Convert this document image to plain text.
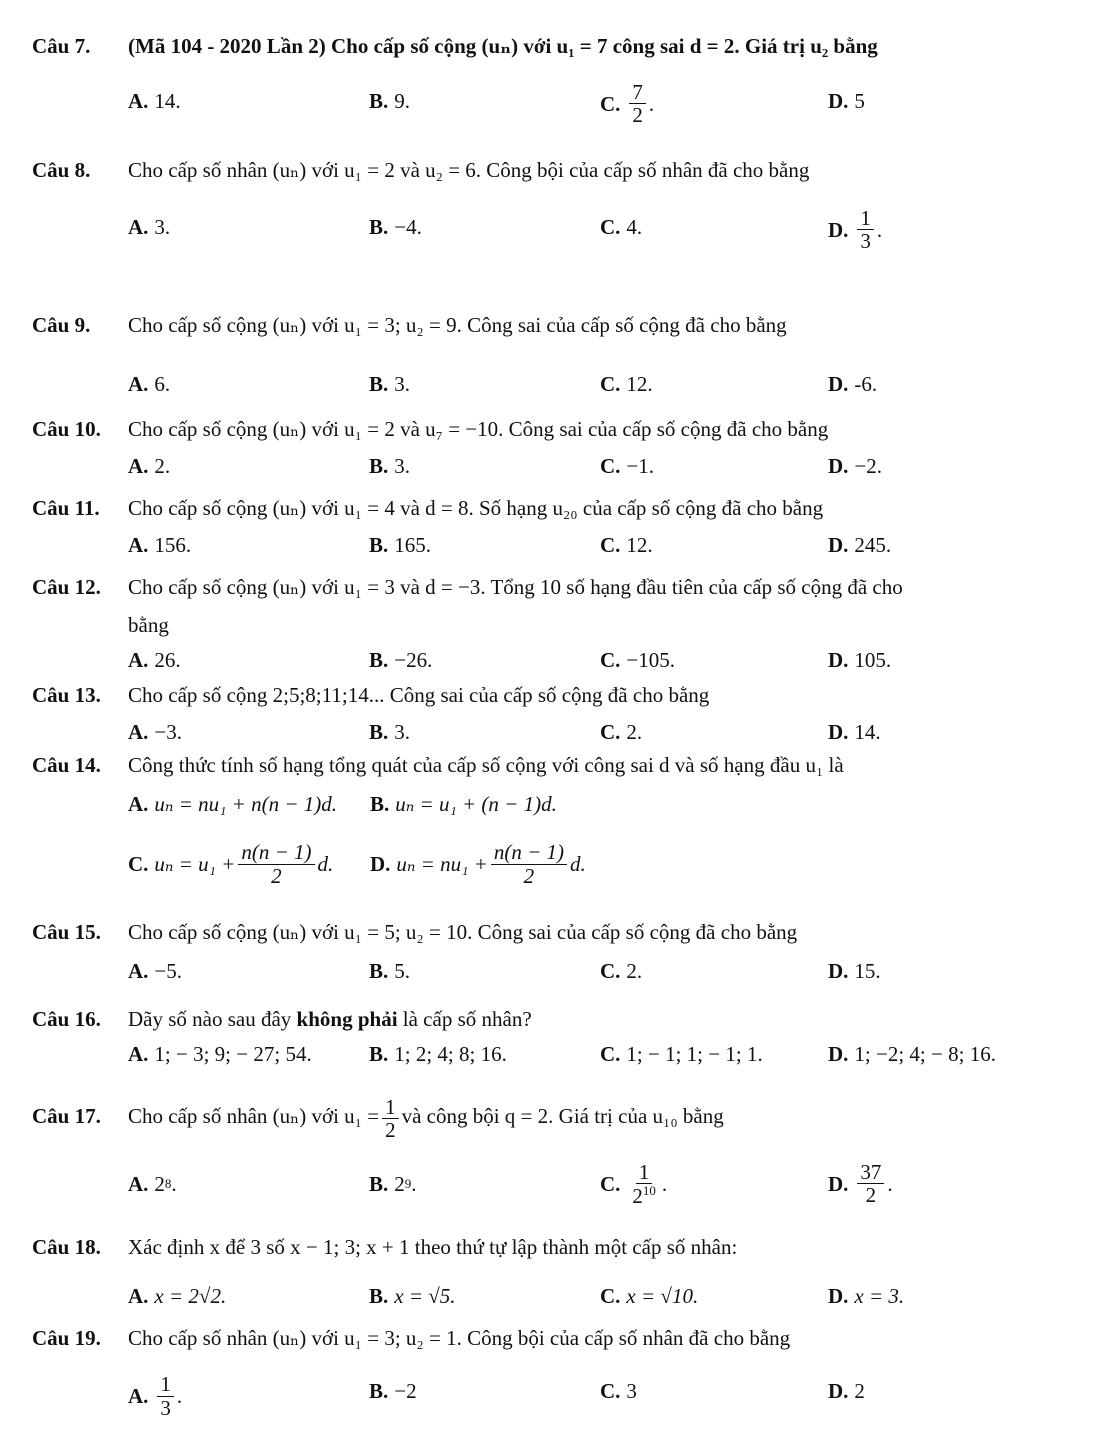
Câu 7. (Mã 104 - 2020 Lần 2) Cho cấp số cộng (uₙ) với u₁ = 7 công sai d = 2. Giá trị u₂ bằng
A. 14.	B. 9.	C. $\frac{7}{2}$ .	D. 5
Câu 8. Cho cấp số nhân (uₙ) với u₁ = 2 và u₂ = 6. Công bội của cấp số nhân đã cho bằng
A. 3.	B. −4.	C. 4.	D. $\frac{1}{3}$ .
Câu 9. Cho cấp số cộng (uₙ) với u₁ = 3; u₂ = 9. Công sai của cấp số cộng đã cho bằng
A. 6.	B. 3.	C. 12.	D. -6.
Câu 10. Cho cấp số cộng (uₙ) với u₁ = 2 và u₇ = −10. Công sai của cấp số cộng đã cho bằng
A. 2.	B. 3.	C. −1.	D. −2.
Câu 11. Cho cấp số cộng (uₙ) với u₁ = 4 và d = 8. Số hạng u₂₀ của cấp số cộng đã cho bằng
A. 156.	B. 165.	C. 12.	D. 245.
Câu 12. Cho cấp số cộng (uₙ) với u₁ = 3 và d = −3. Tổng 10 số hạng đầu tiên của cấp số cộng đã cho
bằng
A. 26.	B. −26.	C. −105.	D. 105.
Câu 13. Cho cấp số cộng 2;5;8;11;14... Công sai của cấp số cộng đã cho bằng
A. −3.	B. 3.	C. 2.	D. 14.
Câu 14. Công thức tính số hạng tổng quát của cấp số cộng với công sai d và số hạng đầu u₁ là
A. uₙ = nu₁ + n(n − 1)d. B. uₙ = u₁ + (n − 1)d.
C. $u_n = u_1 + \frac{n(n - 1)}{2} d$. D. $u_n = nu_1 + \frac{n(n - 1)}{2} d$.
Câu 15. Cho cấp số cộng (uₙ) với u₁ = 5; u₂ = 10. Công sai của cấp số cộng đã cho bằng
A. −5.	B. 5.	C. 2.	D. 15.
Câu 16. Dãy số nào sau đây không phải là cấp số nhân?
A. 1; − 3; 9; − 27; 54.	B. 1; 2; 4; 8; 16.	C. 1; − 1; 1; − 1; 1.	D. 1; −2; 4; − 8; 16.
Câu 17. Cho cấp số nhân (uₙ) với $u_1 = \frac{1}{2}$ và công bội q = 2. Giá trị của u₁₀ bằng
A. 2 8 .	B. 2 9 .	C. $\frac{1}{2^{10}}$ .	D. $\frac{37}{2}$ .
Câu 18. Xác định x để 3 số x − 1; 3; x + 1 theo thứ tự lập thành một cấp số nhân:
A. x = 2√2.	B. x = √5.	C. x = √10.	D. x = 3.
Câu 19. Cho cấp số nhân (uₙ) với u₁ = 3; u₂ = 1. Công bội của cấp số nhân đã cho bằng
A. $\frac{1}{3}$ .	B. −2	C. 3	D. 2
